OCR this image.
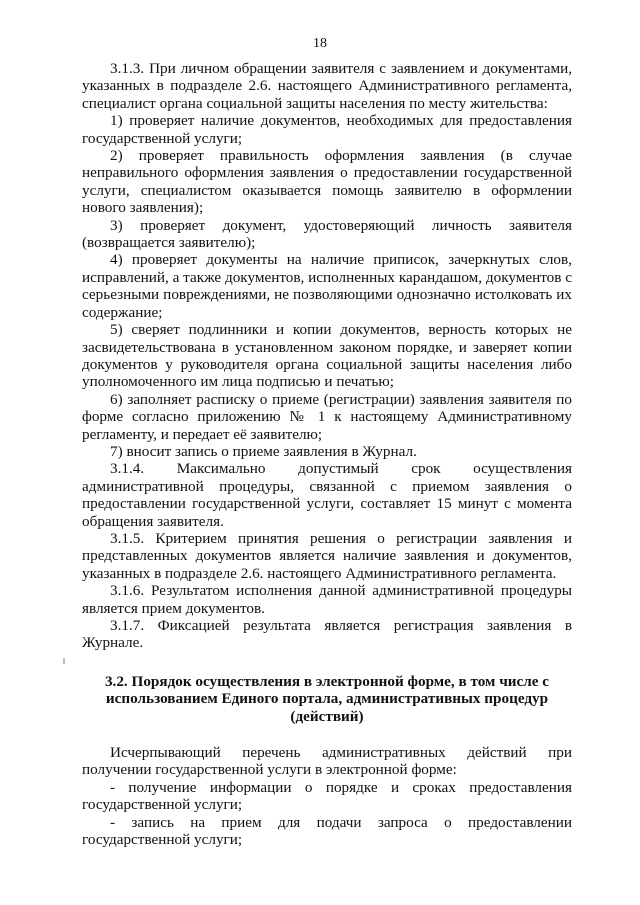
18

3.1.3. При личном обращении заявителя с заявлением и документами, указанных в подразделе 2.6. настоящего Административного регламента, специалист органа социальной защиты населения по месту жительства:

1) проверяет наличие документов, необходимых для предоставления государственной услуги;

2) проверяет правильность оформления заявления (в случае неправильного оформления заявления о предоставлении государственной услуги, специалистом оказывается помощь заявителю в оформлении нового заявления);

3) проверяет документ, удостоверяющий личность заявителя (возвращается заявителю);

4) проверяет документы на наличие приписок, зачеркнутых слов, исправлений, а также документов, исполненных карандашом, документов с серьезными повреждениями, не позволяющими однозначно истолковать их содержание;

5) сверяет подлинники и копии документов, верность которых не засвидетельствована в установленном законом порядке, и заверяет копии документов у руководителя органа социальной защиты населения либо уполномоченного им лица подписью и печатью;

6) заполняет расписку о приеме (регистрации) заявления заявителя по форме согласно приложению № 1 к настоящему Административному регламенту, и передает её заявителю;

7) вносит запись о приеме заявления в Журнал.

3.1.4. Максимально допустимый срок осуществления административной процедуры, связанной с приемом заявления о предоставлении государственной услуги, составляет 15 минут с момента обращения заявителя.

3.1.5. Критерием принятия решения о регистрации заявления и представленных документов является наличие заявления и документов, указанных в подразделе 2.6. настоящего Административного регламента.

3.1.6. Результатом исполнения данной административной процедуры является прием документов.

3.1.7. Фиксацией результата является регистрация заявления в Журнале.

3.2. Порядок осуществления в электронной форме, в том числе с
использованием Единого портала, административных процедур
(действий)

Исчерпывающий перечень административных действий при получении государственной услуги в электронной форме:

- получение информации о порядке и сроках предоставления государственной услуги;

- запись на прием для подачи запроса о предоставлении государственной услуги;
